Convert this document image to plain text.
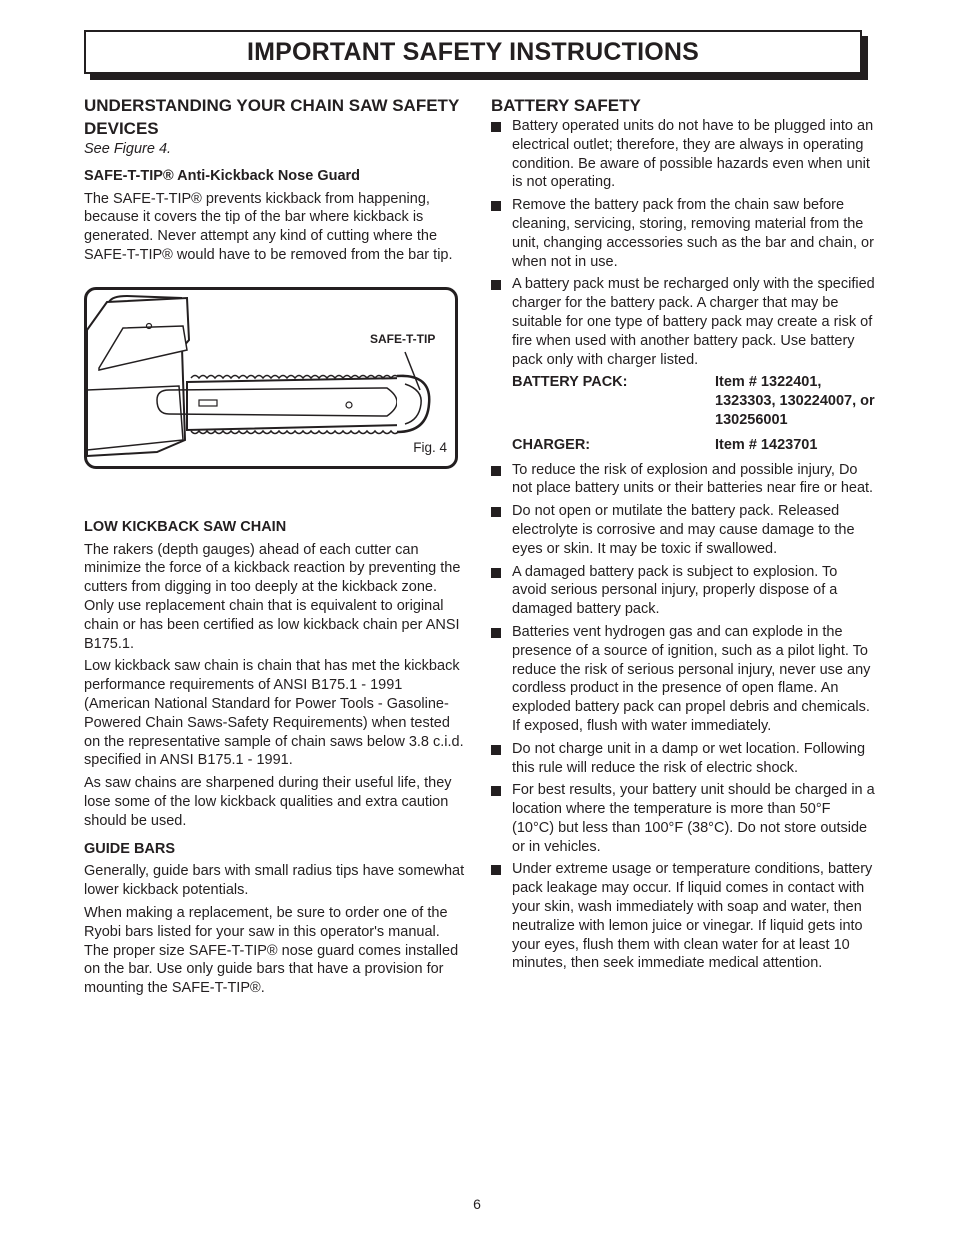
IMPORTANT SAFETY INSTRUCTIONS
UNDERSTANDING YOUR CHAIN SAW SAFETY DEVICES

See Figure 4.

SAFE-T-TIP® Anti-Kickback Nose Guard

The SAFE-T-TIP® prevents kickback from happening, because it covers the tip of the bar where kickback is generated. Never attempt any kind of cutting where the SAFE-T-TIP® would have to be removed from the bar tip.

SAFE-T-TIP
Fig. 4
LOW KICKBACK SAW CHAIN

The rakers (depth gauges) ahead of each cutter can minimize the force of a kickback reaction by preventing the cutters from digging in too deeply at the kickback zone. Only use replacement chain that is equivalent to original chain or has been certified as low kickback chain per ANSI B175.1.

Low kickback saw chain is chain that has met the kickback performance requirements of ANSI B175.1 - 1991 (American National Standard for Power Tools - Gasoline-Powered Chain Saws-Safety Requirements) when tested on the representative sample of chain saws below 3.8 c.i.d. specified in ANSI B175.1 - 1991.

As saw chains are sharpened during their useful life, they lose some of the low kickback qualities and extra caution should be used.

GUIDE BARS

Generally, guide bars with small radius tips have somewhat lower kickback potentials.

When making a replacement, be sure to order one of the Ryobi bars listed for your saw in this operator's manual. The proper size SAFE-T-TIP® nose guard comes installed on the bar. Use only guide bars that have a provision for mounting the SAFE-T-TIP®.

BATTERY SAFETY
Battery operated units do not have to be plugged into an electrical outlet; therefore, they are always in operating condition. Be aware of possible hazards even when unit is not operating.
Remove the battery pack from the chain saw before cleaning, servicing, storing, removing material from the unit, changing accessories such as the bar and chain, or when not in use.
A battery pack must be recharged only with the specified charger for the battery pack. A charger that may be suitable for one type of battery pack may create a risk of fire when used with another battery pack. Use battery pack only with charger listed.
BATTERY PACK:	Item # 1322401, 1323303, 130224007, or 130256001
CHARGER:	Item # 1423701
To reduce the risk of explosion and possible injury, Do not place battery units or their batteries near fire or heat.
Do not open or mutilate the battery pack. Released electrolyte is corrosive and may cause damage to the eyes or skin. It may be toxic if swallowed.
A damaged battery pack is subject to explosion. To avoid serious personal injury, properly dispose of a damaged battery pack.
Batteries vent hydrogen gas and can explode in the presence of a source of ignition, such as a pilot light. To reduce the risk of serious personal injury, never use any cordless product in the presence of open flame. An exploded battery pack can propel debris and chemicals. If exposed, flush with water immediately.
Do not charge unit in a damp or wet location. Following this rule will reduce the risk of electric shock.
For best results, your battery unit should be charged in a location where the temperature is more than 50°F (10°C) but less than 100°F (38°C). Do not store outside or in vehicles.
Under extreme usage or temperature conditions, battery pack leakage may occur. If liquid comes in contact with your skin, wash immediately with soap and water, then neutralize with lemon juice or vinegar. If liquid gets into your eyes, flush them with clean water for at least 10 minutes, then seek immediate medical attention.
6
